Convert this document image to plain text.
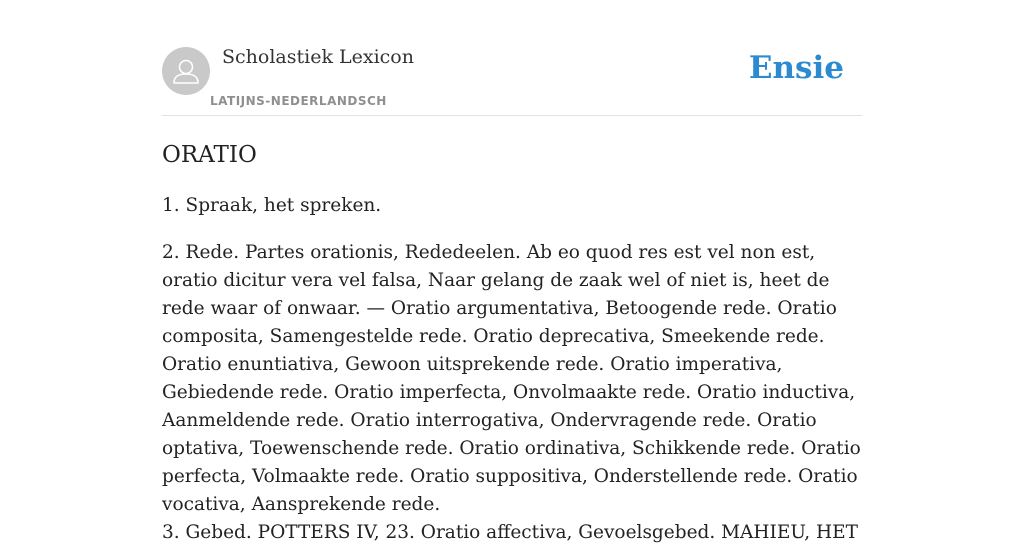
Scholastiek Lexicon
LATIJNS-NEDERLANDSCH
Ensie
ORATIO

1. Spraak, het spreken.

2. Rede. Partes orationis, Rededeelen. Ab eo quod res est vel non est, oratio dicitur vera vel falsa, Naar gelang de zaak wel of niet is, heet de rede waar of onwaar. — Oratio argumentativa, Betoogende rede. Oratio composita, Samengestelde rede. Oratio deprecativa, Smeekende rede. Oratio enuntiativa, Gewoon uitsprekende rede. Oratio imperativa, Gebiedende rede. Oratio imperfecta, Onvolmaakte rede. Oratio inductiva, Aanmeldende rede. Oratio interrogativa, Ondervragende rede. Oratio optativa, Toewenschende rede. Oratio ordinativa, Schikkende rede. Oratio perfecta, Volmaakte rede. Oratio suppositiva, Onderstellende rede. Oratio vocativa, Aansprekende rede.

3. Gebed. POTTERS IV, 23. Oratio affectiva, Gevoelsgebed. MAHIEU, HET
